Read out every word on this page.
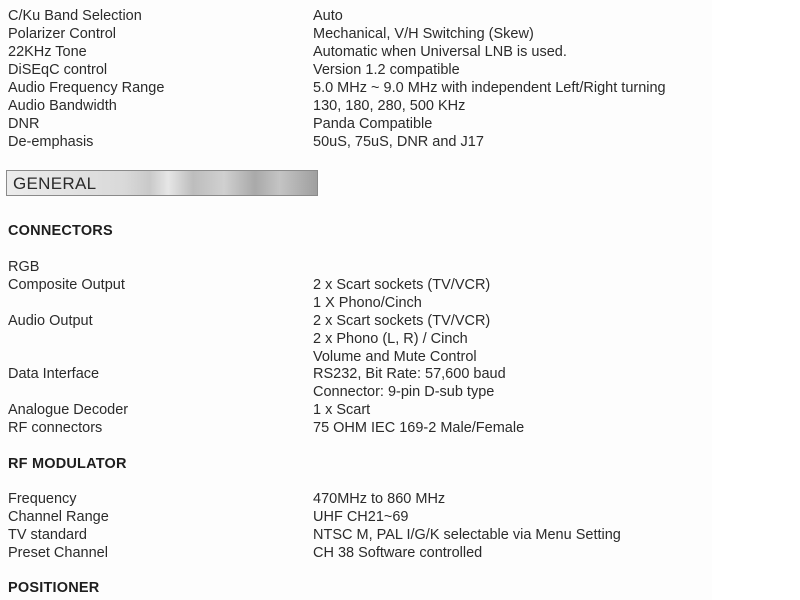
C/Ku Band Selection	Auto
Polarizer Control	Mechanical, V/H Switching (Skew)
22KHz Tone	Automatic when Universal LNB is used.
DiSEqC control	Version 1.2 compatible
Audio Frequency Range	5.0 MHz ~ 9.0 MHz with independent Left/Right turning
Audio Bandwidth	130, 180, 280, 500 KHz
DNR	Panda Compatible
De-emphasis	50uS, 75uS, DNR and J17
GENERAL
CONNECTORS
RGB
Composite Output	2 x Scart sockets (TV/VCR)
1 X Phono/Cinch
Audio Output	2 x Scart sockets (TV/VCR)
2 x Phono (L, R) / Cinch
Volume and Mute Control
Data Interface	RS232, Bit Rate: 57,600 baud
Connector: 9-pin D-sub type
Analogue Decoder	1 x Scart
RF connectors	75 OHM IEC 169-2 Male/Female
RF MODULATOR
Frequency	470MHz to 860 MHz
Channel Range	UHF CH21~69
TV standard	NTSC M, PAL I/G/K selectable via Menu Setting
Preset Channel	CH 38 Software controlled
POSITIONER
